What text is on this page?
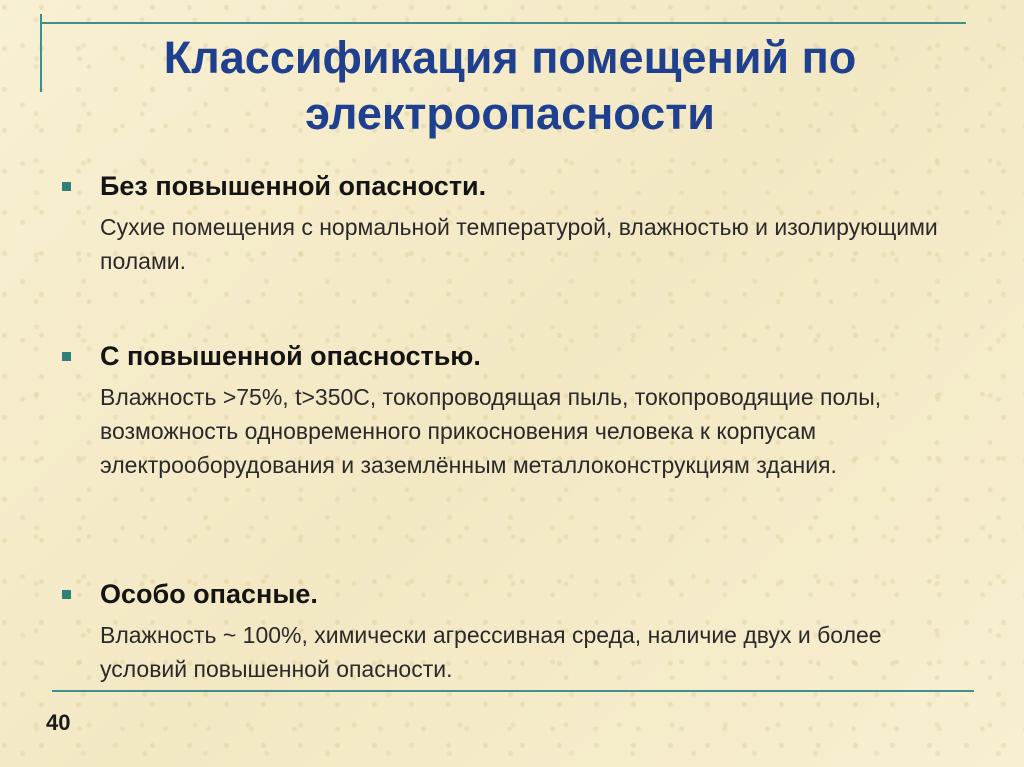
Классификация помещений по электроопасности
Без повышенной опасности.
Сухие помещения с нормальной температурой, влажностью и изолирующими полами.
С повышенной опасностью.
Влажность >75%, t>350C, токопроводящая пыль, токопроводящие полы, возможность одновременного прикосновения человека к корпусам электрооборудования и заземлённым металлоконструкциям здания.
Особо опасные.
Влажность ~ 100%, химически агрессивная среда, наличие двух и более условий повышенной опасности.
40
